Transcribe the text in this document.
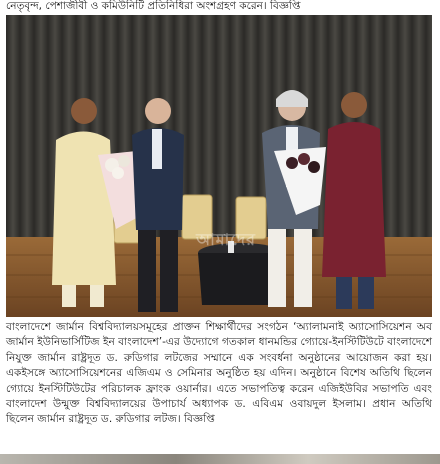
নেতৃবৃন্দ, পেশাজীবী ও কমিউনিটি প্রতিনিধিরা অংশগ্রহণ করেন। বিজ্ঞপ্তি
আমাদের

বাংলাদেশে জার্মান বিশ্ববিদ্যালয়সমূহের প্রাক্তন শিক্ষার্থীদের সংগঠন ‘অ্যালামনাই অ্যাসোসিয়েশন অব জার্মান ইউনিভার্সিটিজ ইন বাংলাদেশ’-এর উদ্যোগে গতকাল ধানমন্ডির গ্যোয়ে-ইনস্টিটিউটে বাংলাদেশে নিযুক্ত জার্মান রাষ্ট্রদূত ড. রুডিগার লটজের সম্মানে এক সংবর্ধনা অনুষ্ঠানের আয়োজন করা হয়। একইসঙ্গে অ্যাসোসিয়েশনের এজিএম ও সেমিনার অনুষ্ঠিত হয় এদিন। অনুষ্ঠানে বিশেষ অতিথি ছিলেন গ্যোয়ে ইনস্টিটিউটের পরিচালক ফ্রাংক ওয়ার্নার। এতে সভাপতিত্ব করেন এজিইউবির সভাপতি এবং বাংলাদেশ উন্মুক্ত বিশ্ববিদ্যালয়ের উপাচার্য অধ্যাপক ড. এবিএম ওবায়দুল ইসলাম। প্রধান অতিথি ছিলেন জার্মান রাষ্ট্রদূত ড. রুডিগার লটজ। বিজ্ঞপ্তি
